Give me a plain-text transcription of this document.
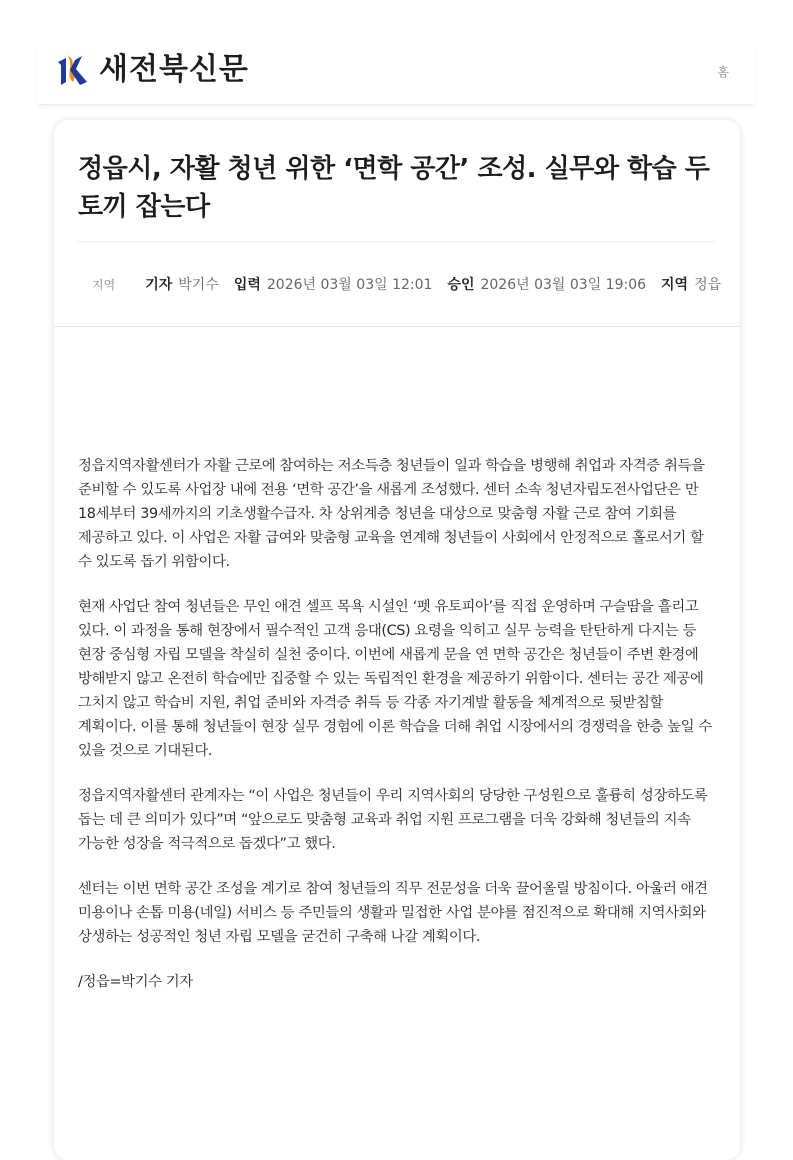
새전북신문	홈
정읍시, 자활 청년 위한 ‘면학 공간’ 조성. 실무와 학습 두 토끼 잡는다
지역 기자 박기수 입력 2026년 03월 03일 12:01 승인 2026년 03월 03일 19:06 지역 정읍

정읍지역자활센터가 자활 근로에 참여하는 저소득층 청년들이 일과 학습을 병행해 취업과 자격증 취득을 준비할 수 있도록 사업장 내에 전용 ‘면학 공간’을 새롭게 조성했다. 센터 소속 청년자립도전사업단은 만 18세부터 39세까지의 기초생활수급자. 차 상위계층 청년을 대상으로 맞춤형 자활 근로 참여 기회를 제공하고 있다. 이 사업은 자활 급여와 맞춤형 교육을 연계해 청년들이 사회에서 안정적으로 홀로서기 할 수 있도록 돕기 위함이다.

현재 사업단 참여 청년들은 무인 애견 셀프 목욕 시설인 ‘펫 유토피아’를 직접 운영하며 구슬땀을 흘리고 있다. 이 과정을 통해 현장에서 필수적인 고객 응대(CS) 요령을 익히고 실무 능력을 탄탄하게 다지는 등 현장 중심형 자립 모델을 착실히 실천 중이다. 이번에 새롭게 문을 연 면학 공간은 청년들이 주변 환경에 방해받지 않고 온전히 학습에만 집중할 수 있는 독립적인 환경을 제공하기 위함이다. 센터는 공간 제공에 그치지 않고 학습비 지원, 취업 준비와 자격증 취득 등 각종 자기계발 활동을 체계적으로 뒷받침할 계획이다. 이를 통해 청년들이 현장 실무 경험에 이론 학습을 더해 취업 시장에서의 경쟁력을 한층 높일 수 있을 것으로 기대된다.

정읍지역자활센터 관계자는 “이 사업은 청년들이 우리 지역사회의 당당한 구성원으로 훌륭히 성장하도록 돕는 데 큰 의미가 있다”며 “앞으로도 맞춤형 교육과 취업 지원 프로그램을 더욱 강화해 청년들의 지속 가능한 성장을 적극적으로 돕겠다”고 했다.

센터는 이번 면학 공간 조성을 계기로 참여 청년들의 직무 전문성을 더욱 끌어올릴 방침이다. 아울러 애견 미용이나 손톱 미용(네일) 서비스 등 주민들의 생활과 밀접한 사업 분야를 점진적으로 확대해 지역사회와 상생하는 성공적인 청년 자립 모델을 굳건히 구축해 나갈 계획이다.

/정읍=박기수 기자
